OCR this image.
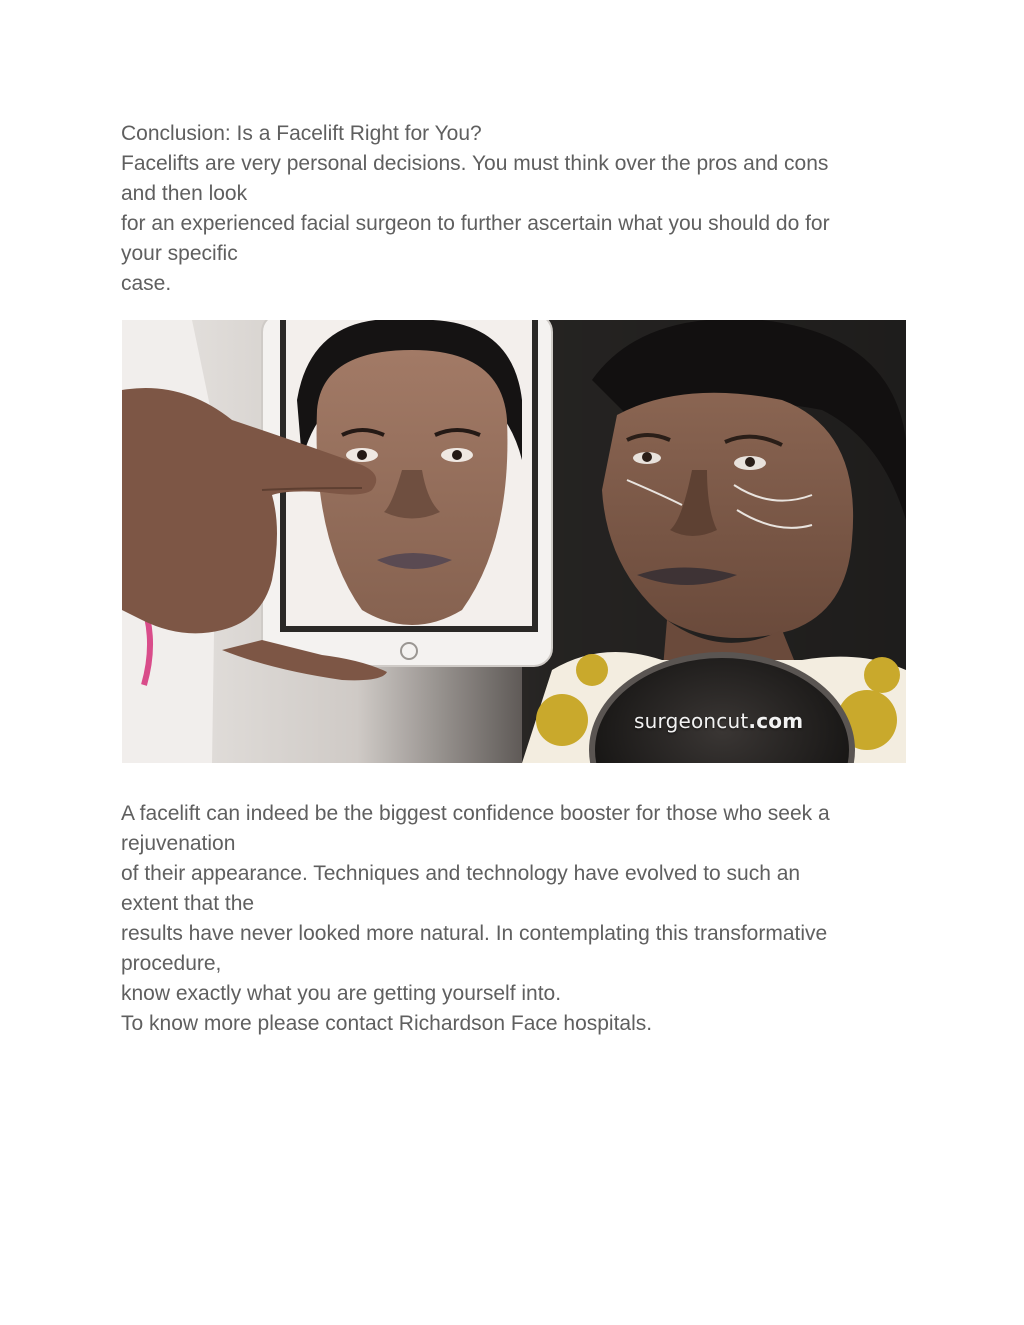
Conclusion: Is a Facelift Right for You?
Facelifts are very personal decisions. You must think over the pros and cons
and then look
for an experienced facial surgeon to further ascertain what you should do for
your specific
case.
surgeoncut.com
A facelift can indeed be the biggest confidence booster for those who seek a
rejuvenation
of their appearance. Techniques and technology have evolved to such an
extent that the
results have never looked more natural. In contemplating this transformative
procedure,
know exactly what you are getting yourself into.
To know more please contact Richardson Face hospitals.
